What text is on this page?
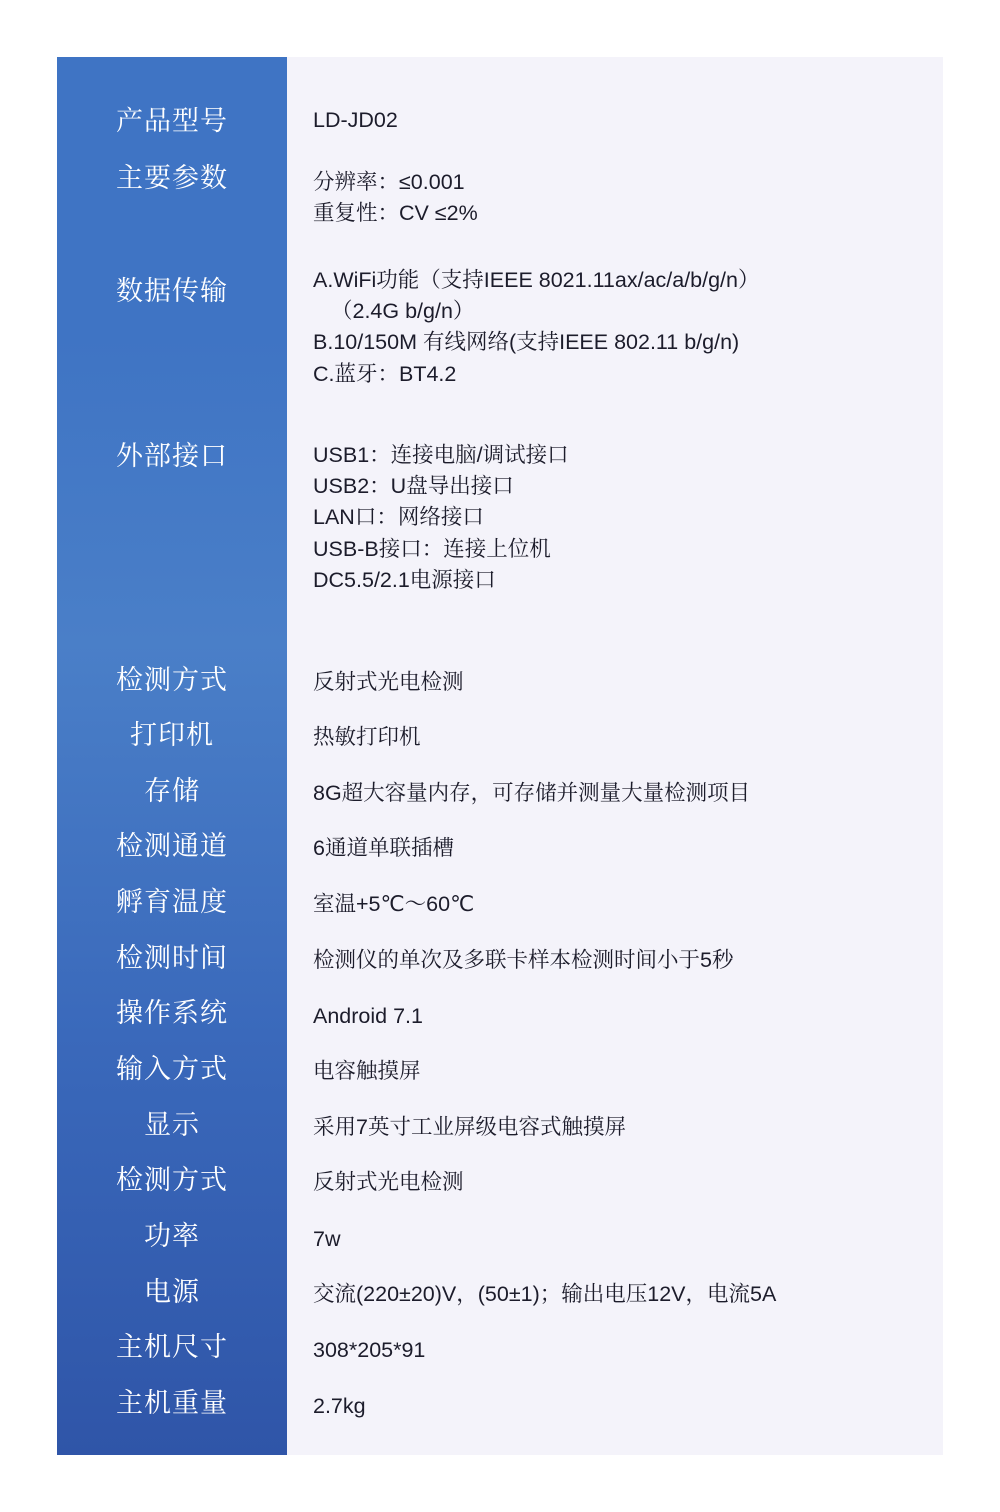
产品型号
主要参数
数据传输
外部接口
检测方式
打印机
存储
检测通道
孵育温度
检测时间
操作系统
输入方式
显示
检测方式
功率
电源
主机尺寸
主机重量
LD-JD02
分辨率：≤0.001
重复性：CV ≤2%
A.WiFi功能（支持IEEE 8021.11ax/ac/a/b/g/n）
（2.4G b/g/n）
B.10/150M 有线网络(支持IEEE 802.11 b/g/n)
C.蓝牙：BT4.2
USB1：连接电脑/调试接口
USB2：U盘导出接口
LAN口：网络接口
USB-B接口：连接上位机
DC5.5/2.1电源接口
反射式光电检测
热敏打印机
8G超大容量内存，可存储并测量大量检测项目
6通道单联插槽
室温+5℃～60℃
检测仪的单次及多联卡样本检测时间小于5秒
Android 7.1
电容触摸屏
采用7英寸工业屏级电容式触摸屏
反射式光电检测
7w
交流(220±20)V，(50±1)；输出电压12V，电流5A
308*205*91
2.7kg
